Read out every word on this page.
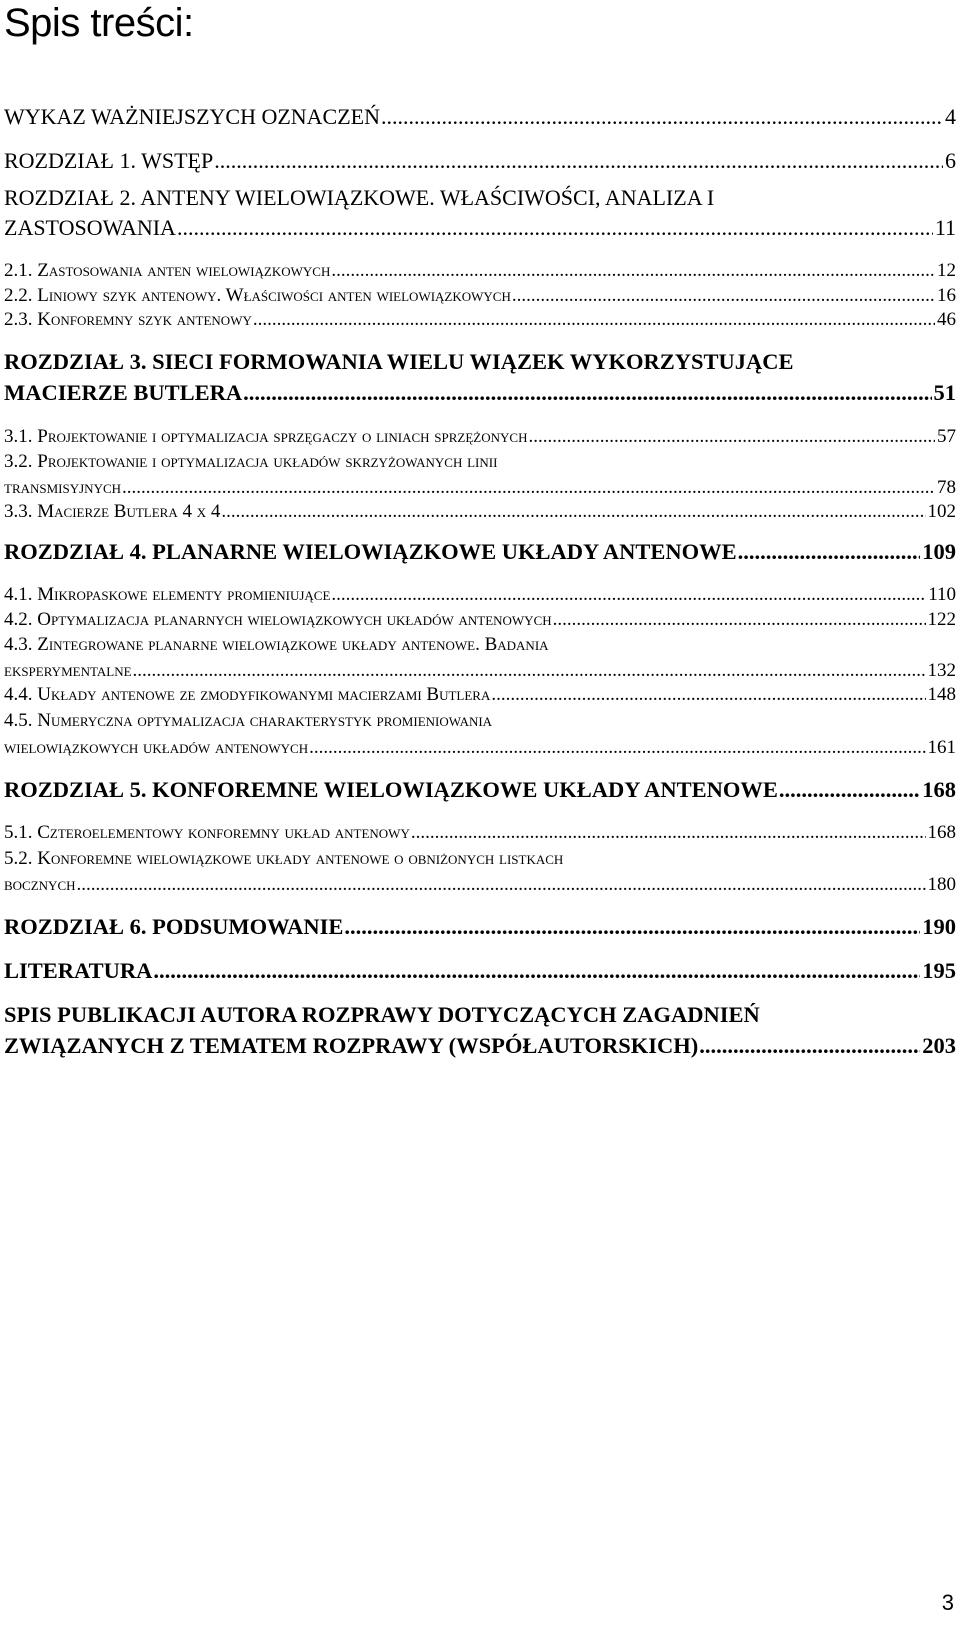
Spis treści:
WYKAZ WAŻNIEJSZYCH OZNACZEŃ .....	4
ROZDZIAŁ 1. WSTĘP .....	6
ROZDZIAŁ 2. ANTENY WIELOWIĄZKOWE. WŁAŚCIWOŚCI, ANALIZA I
ZASTOSOWANIA .....	11
2.1. Zastosowania anten wielowiązkowych .....	12
2.2. Liniowy szyk antenowy. Właściwości anten wielowiązkowych .....	16
2.3. Konforemny szyk antenowy .....	46
ROZDZIAŁ 3. SIECI FORMOWANIA WIELU WIĄZEK WYKORZYSTUJĄCE
MACIERZE BUTLERA .....	51
3.1. Projektowanie i optymalizacja sprzęgaczy o liniach sprzężonych .....	57
3.2. Projektowanie i optymalizacja układów skrzyżowanych linii
transmisyjnych .....	78
3.3. Macierze Butlera 4 x 4 .....	102
ROZDZIAŁ 4. PLANARNE WIELOWIĄZKOWE UKŁADY ANTENOWE .....	109
4.1. Mikropaskowe elementy promieniujące .....	110
4.2. Optymalizacja planarnych wielowiązkowych układów antenowych .....	122
4.3. Zintegrowane planarne wielowiązkowe układy antenowe. Badania
eksperymentalne .....	132
4.4. Układy antenowe ze zmodyfikowanymi macierzami Butlera .....	148
4.5. Numeryczna optymalizacja charakterystyk promieniowania
wielowiązkowych układów antenowych .....	161
ROZDZIAŁ 5. KONFOREMNE WIELOWIĄZKOWE UKŁADY ANTENOWE .....	168
5.1. Czteroelementowy konforemny układ antenowy .....	168
5.2. Konforemne wielowiązkowe układy antenowe o obniżonych listkach
bocznych .....	180
ROZDZIAŁ 6. PODSUMOWANIE .....	190
LITERATURA .....	195
SPIS PUBLIKACJI AUTORA ROZPRAWY DOTYCZĄCYCH ZAGADNIEŃ
ZWIĄZANYCH Z TEMATEM ROZPRAWY (WSPÓŁAUTORSKICH) .....	203
3
